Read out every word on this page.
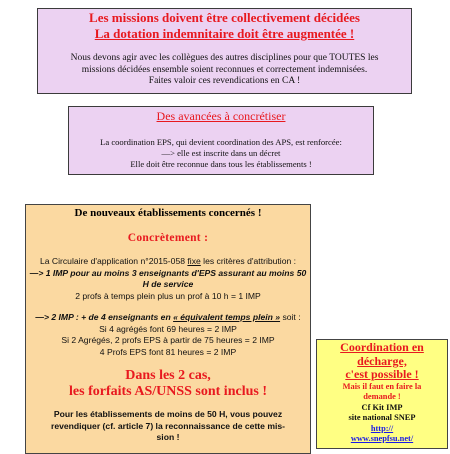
Les missions doivent être collectivement décidées
La dotation indemnitaire doit être augmentée !
Nous devons agir avec les collègues des autres disciplines pour que TOUTES les
missions décidées ensemble soient reconnues et correctement indemnisées.
Faites valoir ces revendications en CA !
Des avancées à concrétiser
La coordination EPS, qui devient coordination des APS, est renforcée:
—> elle est inscrite dans un décret
Elle doit être reconnue dans tous les établissements !
De nouveaux établissements concernés !
Concrètement :
La Circulaire d'application n°2015-058 fixe les critères d'attribution :
—> 1 IMP pour au moins 3 enseignants d'EPS assurant au moins 50
H de service
2 profs à temps plein plus un prof à 10 h = 1 IMP
—> 2 IMP : + de 4 enseignants en « équivalent temps plein » soit :
Si 4 agrégés font 69 heures = 2 IMP
Si 2 Agrégés, 2 profs EPS à partir de 75 heures = 2 IMP
4 Profs EPS font 81 heures = 2 IMP
Dans les 2 cas,
les forfaits AS/UNSS sont inclus !
Pour les établissements de moins de 50 H, vous pouvez
revendiquer (cf. article 7) la reconnaissance de cette mis-
sion !
Coordination en
décharge,
c'est possible !
Mais il faut en faire la
demande !
Cf Kit IMP
site national SNEP
http://
www.snepfsu.net/
